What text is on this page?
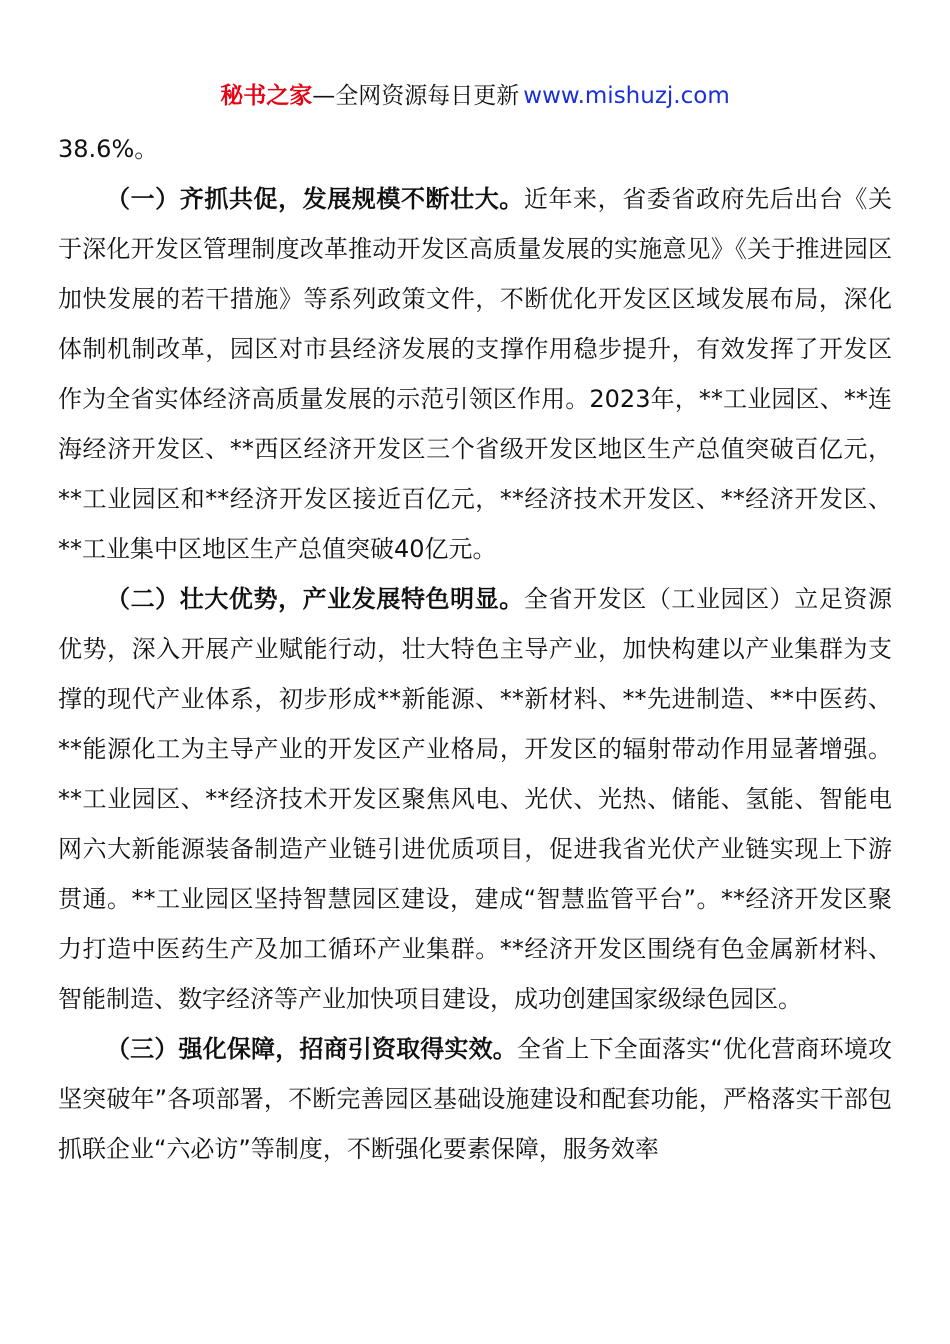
秘书之家—全网资源每日更新 www.mishuzj.com

38.6%。

（一）齐抓共促，发展规模不断壮大。近年来，省委省政府先后出台《关于深化开发区管理制度改革推动开发区高质量发展的实施意见》《关于推进园区加快发展的若干措施》等系列政策文件，不断优化开发区区域发展布局，深化体制机制改革，园区对市县经济发展的支撑作用稳步提升，有效发挥了开发区作为全省实体经济高质量发展的示范引领区作用。2023年，**工业园区、**连海经济开发区、**西区经济开发区三个省级开发区地区生产总值突破百亿元，**工业园区和**经济开发区接近百亿元，**经济技术开发区、**经济开发区、**工业集中区地区生产总值突破40亿元。

（二）壮大优势，产业发展特色明显。全省开发区（工业园区）立足资源优势，深入开展产业赋能行动，壮大特色主导产业，加快构建以产业集群为支撑的现代产业体系，初步形成**新能源、**新材料、**先进制造、**中医药、**能源化工为主导产业的开发区产业格局，开发区的辐射带动作用显著增强。**工业园区、**经济技术开发区聚焦风电、光伏、光热、储能、氢能、智能电网六大新能源装备制造产业链引进优质项目，促进我省光伏产业链实现上下游贯通。**工业园区坚持智慧园区建设，建成“智慧监管平台”。**经济开发区聚力打造中医药生产及加工循环产业集群。**经济开发区围绕有色金属新材料、智能制造、数字经济等产业加快项目建设，成功创建国家级绿色园区。

（三）强化保障，招商引资取得实效。全省上下全面落实“优化营商环境攻坚突破年”各项部署，不断完善园区基础设施建设和配套功能，严格落实干部包抓联企业“六必访”等制度，不断强化要素保障，服务效率
